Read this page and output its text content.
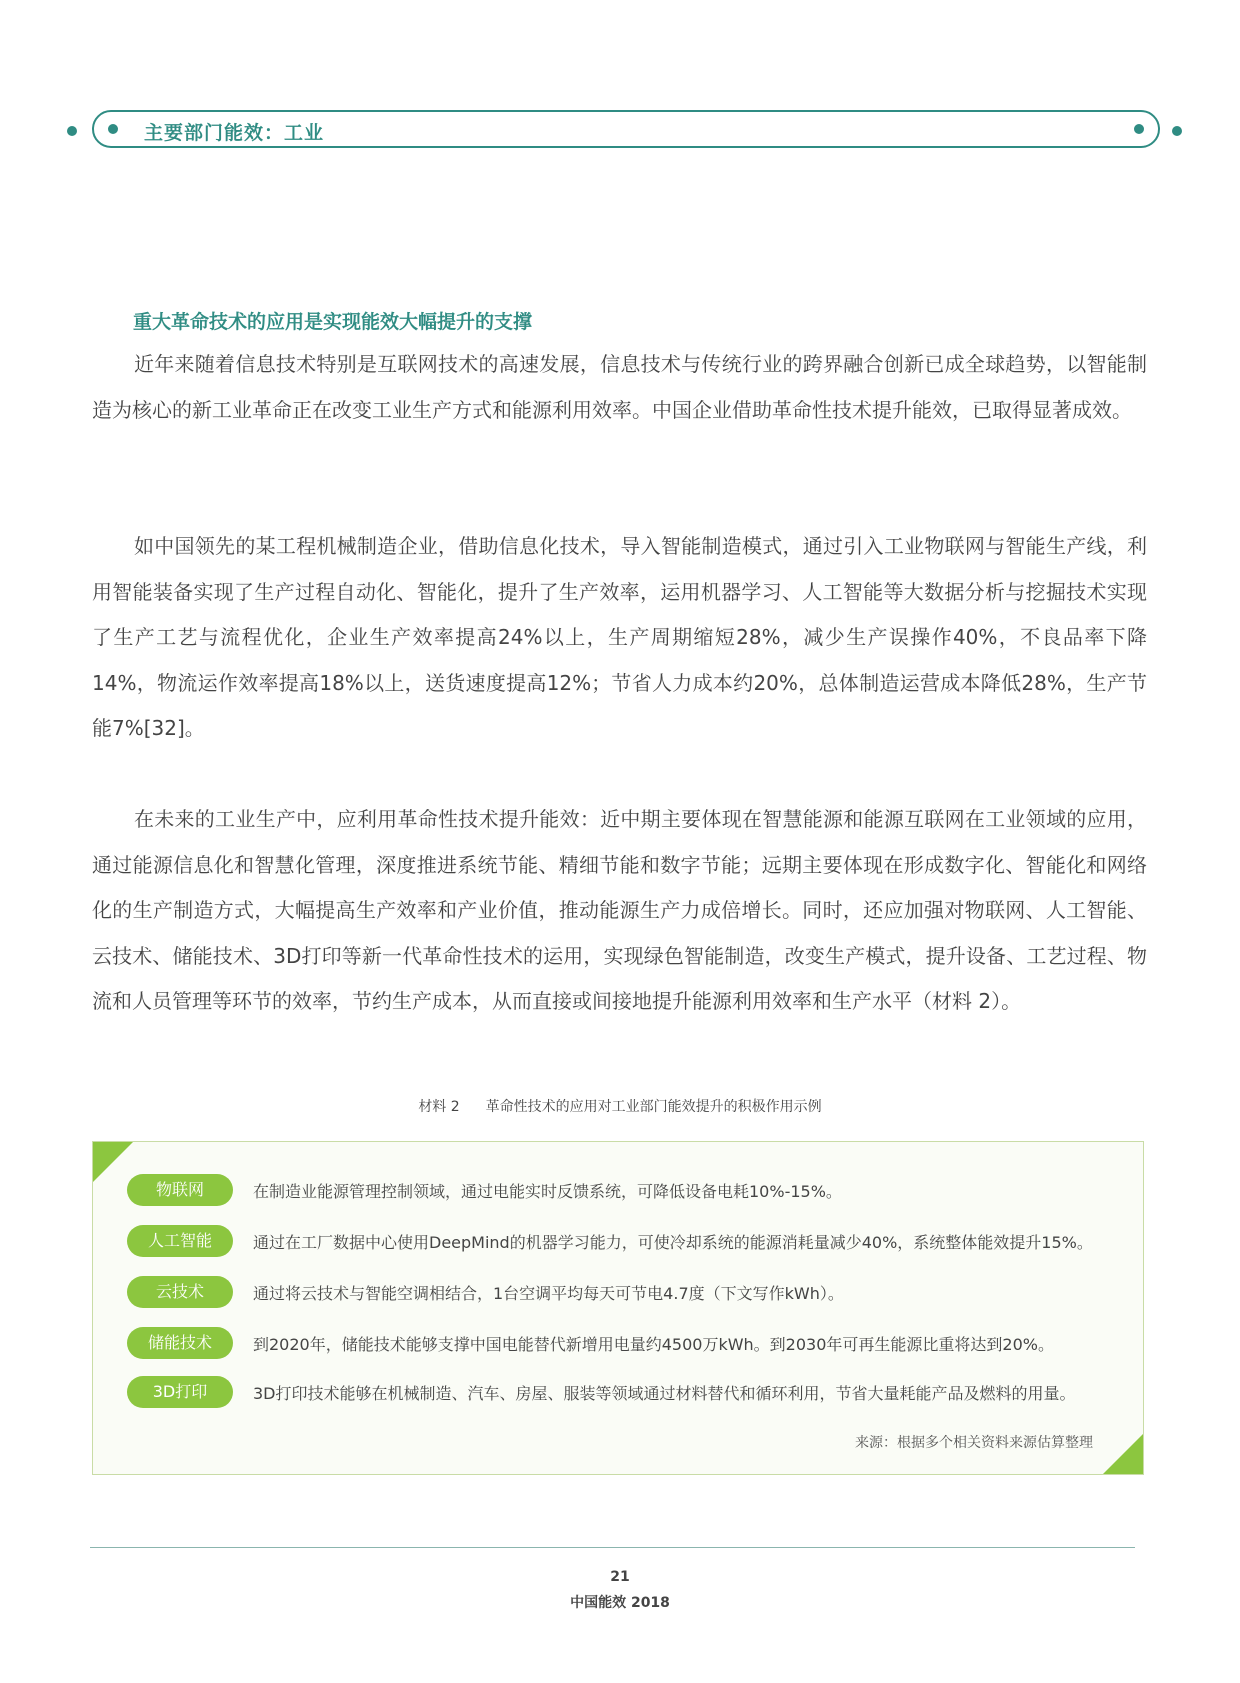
主要部门能效：工业
重大革命技术的应用是实现能效大幅提升的支撑

近年来随着信息技术特别是互联网技术的高速发展，信息技术与传统行业的跨界融合创新已成全球趋势，以智能制造为核心的新工业革命正在改变工业生产方式和能源利用效率。中国企业借助革命性技术提升能效，已取得显著成效。

如中国领先的某工程机械制造企业，借助信息化技术，导入智能制造模式，通过引入工业物联网与智能生产线，利用智能装备实现了生产过程自动化、智能化，提升了生产效率，运用机器学习、人工智能等大数据分析与挖掘技术实现了生产工艺与流程优化，企业生产效率提高24%以上，生产周期缩短28%，减少生产误操作40%，不良品率下降14%，物流运作效率提高18%以上，送货速度提高12%；节省人力成本约20%，总体制造运营成本降低28%，生产节能7%[32]。

在未来的工业生产中，应利用革命性技术提升能效：近中期主要体现在智慧能源和能源互联网在工业领域的应用，通过能源信息化和智慧化管理，深度推进系统节能、精细节能和数字节能；远期主要体现在形成数字化、智能化和网络化的生产制造方式，大幅提高生产效率和产业价值，推动能源生产力成倍增长。同时，还应加强对物联网、人工智能、云技术、储能技术、3D打印等新一代革命性技术的运用，实现绿色智能制造，改变生产模式，提升设备、工艺过程、物流和人员管理等环节的效率，节约生产成本，从而直接或间接地提升能源利用效率和生产水平（材料 2）。

材料 2 革命性技术的应用对工业部门能效提升的积极作用示例
物联网	在制造业能源管理控制领域，通过电能实时反馈系统，可降低设备电耗10%-15%。
人工智能	通过在工厂数据中心使用DeepMind的机器学习能力，可使冷却系统的能源消耗量减少40%，系统整体能效提升15%。
云技术	通过将云技术与智能空调相结合，1台空调平均每天可节电4.7度（下文写作kWh）。
储能技术	到2020年，储能技术能够支撑中国电能替代新增用电量约4500万kWh。到2030年可再生能源比重将达到20%。
3D打印	3D打印技术能够在机械制造、汽车、房屋、服装等领域通过材料替代和循环利用，节省大量耗能产品及燃料的用量。
来源：根据多个相关资料来源估算整理
21
中国能效 2018
